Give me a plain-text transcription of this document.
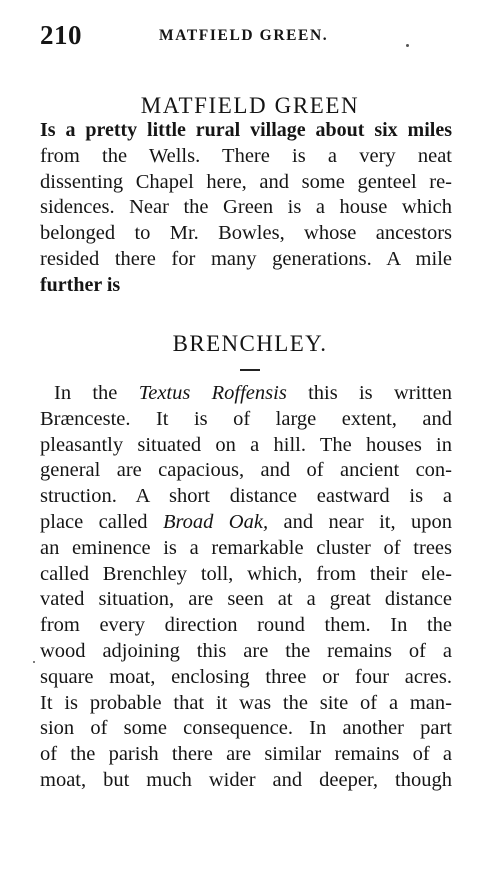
210	MATFIELD GREEN.
MATFIELD GREEN
Is a pretty little rural village about six miles
from the Wells. There is a very neat
dissenting Chapel here, and some genteel re-
sidences. Near the Green is a house which
belonged to Mr. Bowles, whose ancestors
resided there for many generations. A mile
further is
BRENCHLEY.
In the Textus Roffensis this is written
Brænceste. It is of large extent, and
pleasantly situated on a hill. The houses in
general are capacious, and of ancient con-
struction. A short distance eastward is a
place called Broad Oak, and near it, upon
an eminence is a remarkable cluster of trees
called Brenchley toll, which, from their ele-
vated situation, are seen at a great distance
from every direction round them. In the
wood adjoining this are the remains of a
square moat, enclosing three or four acres.
It is probable that it was the site of a man-
sion of some consequence. In another part
of the parish there are similar remains of a
moat, but much wider and deeper, though
